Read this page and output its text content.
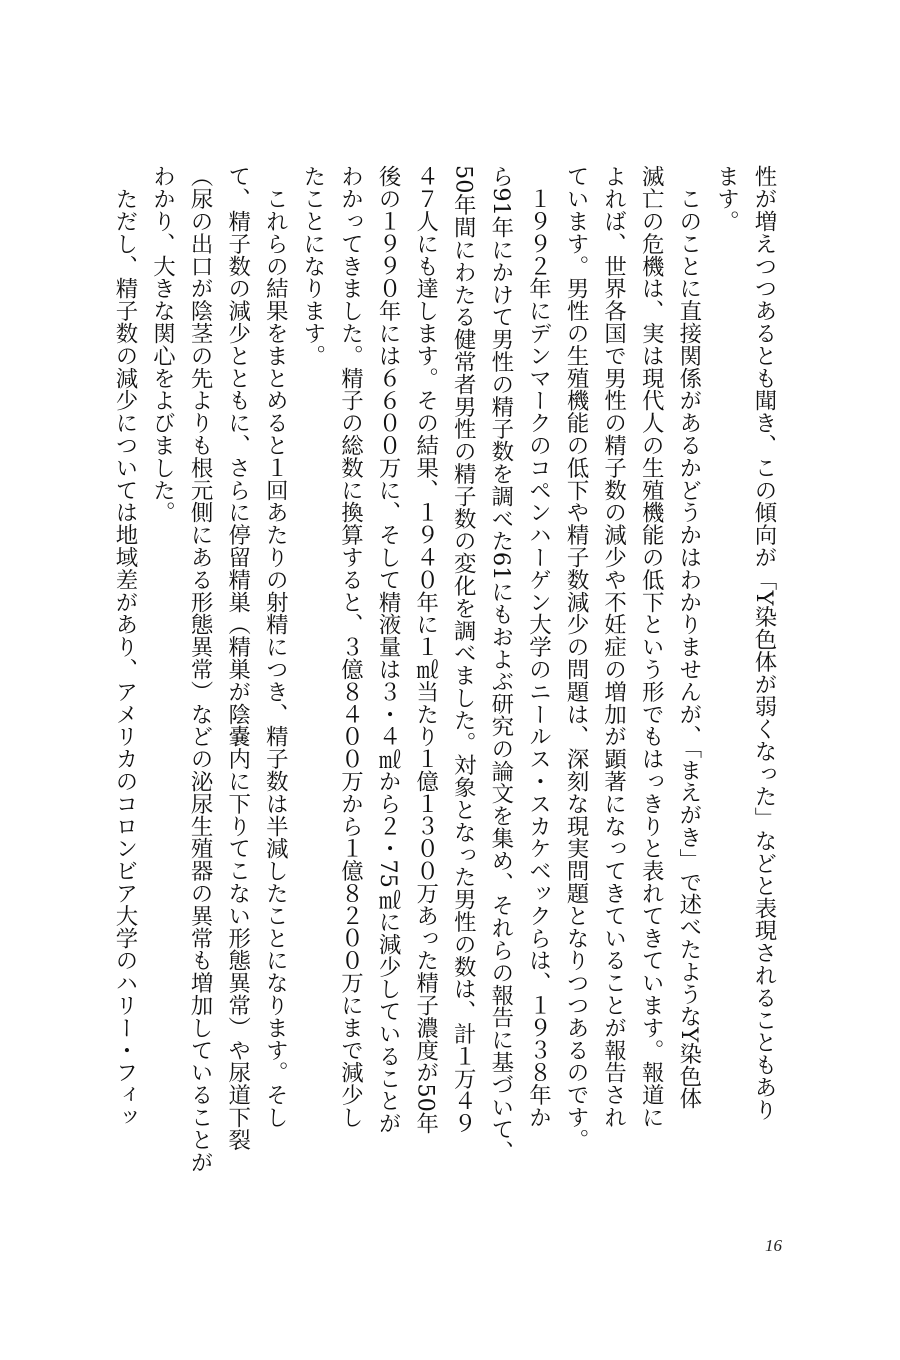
性が増えつつあるとも聞き、この傾向が「Y染色体が弱くなった」などと表現されることもあり
ます。
　このことに直接関係があるかどうかはわかりませんが、「まえがき」で述べたようなY染色体
滅亡の危機は、実は現代人の生殖機能の低下という形でもはっきりと表れてきています。報道に
よれば、世界各国で男性の精子数の減少や不妊症の増加が顕著になってきていることが報告され
ています。男性の生殖機能の低下や精子数減少の問題は、深刻な現実問題となりつつあるのです。
　１９９２年にデンマークのコペンハーゲン大学のニールス・スカケベックらは、１９３８年か
ら91年にかけて男性の精子数を調べた61にもおよぶ研究の論文を集め、それらの報告に基づいて、
50年間にわたる健常者男性の精子数の変化を調べました。対象となった男性の数は、計１万４９
４７人にも達します。その結果、１９４０年に１㎖当たり１億１３００万あった精子濃度が50年
後の１９９０年には６６００万に、そして精液量は３・４㎖から２・75㎖に減少していることが
わかってきました。精子の総数に換算すると、３億８４００万から１億８２００万にまで減少し
たことになります。
　これらの結果をまとめると１回あたりの射精につき、精子数は半減したことになります。そし
て、精子数の減少とともに、さらに停留精巣（精巣が陰嚢内に下りてこない形態異常）や尿道下裂
（尿の出口が陰茎の先よりも根元側にある形態異常）などの泌尿生殖器の異常も増加していることが
わかり、大きな関心をよびました。
　ただし、精子数の減少については地域差があり、アメリカのコロンビア大学のハリー・フィッ
16
